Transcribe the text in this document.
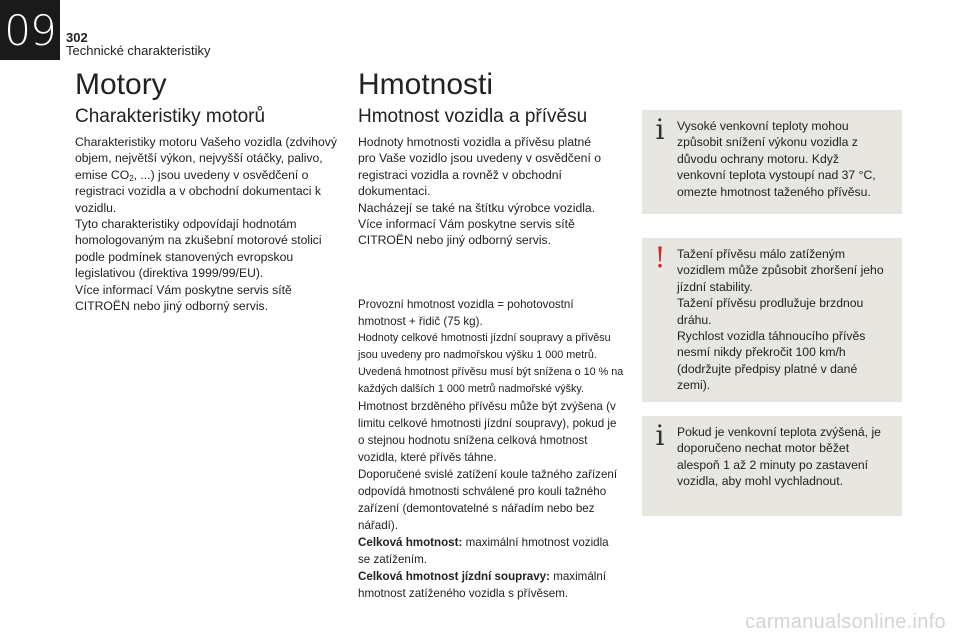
09 302
Technické charakteristiky
Motory
Charakteristiky motorů

Charakteristiky motoru Vašeho vozidla (zdvihový objem, největší výkon, nejvyšší otáčky, palivo, emise $CO_2$, ...) jsou uvedeny v osvědčení o registraci vozidla a v obchodní dokumentaci k vozidlu.

Tyto charakteristiky odpovídají hodnotám homologovaným na zkušební motorové stolici podle podmínek stanovených evropskou legislativou (direktiva 1999/99/EU).

Více informací Vám poskytne servis sítě CITROËN nebo jiný odborný servis.

Hmotnosti
Hmotnost vozidla a přívěsu

Hodnoty hmotnosti vozidla a přívěsu platné pro Vaše vozidlo jsou uvedeny v osvědčení o registraci vozidla a rovněž v obchodní dokumentaci.

Nacházejí se také na štítku výrobce vozidla.

Více informací Vám poskytne servis sítě CITROËN nebo jiný odborný servis.

Provozní hmotnost vozidla = pohotovostní hmotnost + řidič (75 kg).

Hodnoty celkové hmotnosti jízdní soupravy a přívěsu jsou uvedeny pro nadmořskou výšku 1 000 metrů. Uvedená hmotnost přívěsu musí být snížena o 10 % na každých dalších 1 000 metrů nadmořské výšky.

Hmotnost brzděného přívěsu může být zvýšena (v limitu celkové hmotnosti jízdní soupravy), pokud je o stejnou hodnotu snížena celková hmotnost vozidla, které přívěs táhne.

Doporučené svislé zatížení koule tažného zařízení odpovídá hmotnosti schválené pro kouli tažného zařízení (demontovatelné s nářadím nebo bez nářadí).

Celková hmotnost: maximální hmotnost vozidla se zatížením.

Celková hmotnost jízdní soupravy: maximální hmotnost zatíženého vozidla s přívěsem.

i Vysoké venkovní teploty mohou způsobit snížení výkonu vozidla z důvodu ochrany motoru. Když venkovní teplota vystoupí nad 37 °C, omezte hmotnost taženého přívěsu.

! Tažení přívěsu málo zatíženým vozidlem může způsobit zhoršení jeho jízdní stability.

Tažení přívěsu prodlužuje brzdnou dráhu.

Rychlost vozidla táhnoucího přívěs nesmí nikdy překročit 100 km/h (dodržujte předpisy platné v dané zemi).

i Pokud je venkovní teplota zvýšená, je doporučeno nechat motor běžet alespoň 1 až 2 minuty po zastavení vozidla, aby mohl vychladnout.

carmanualsonline.info
